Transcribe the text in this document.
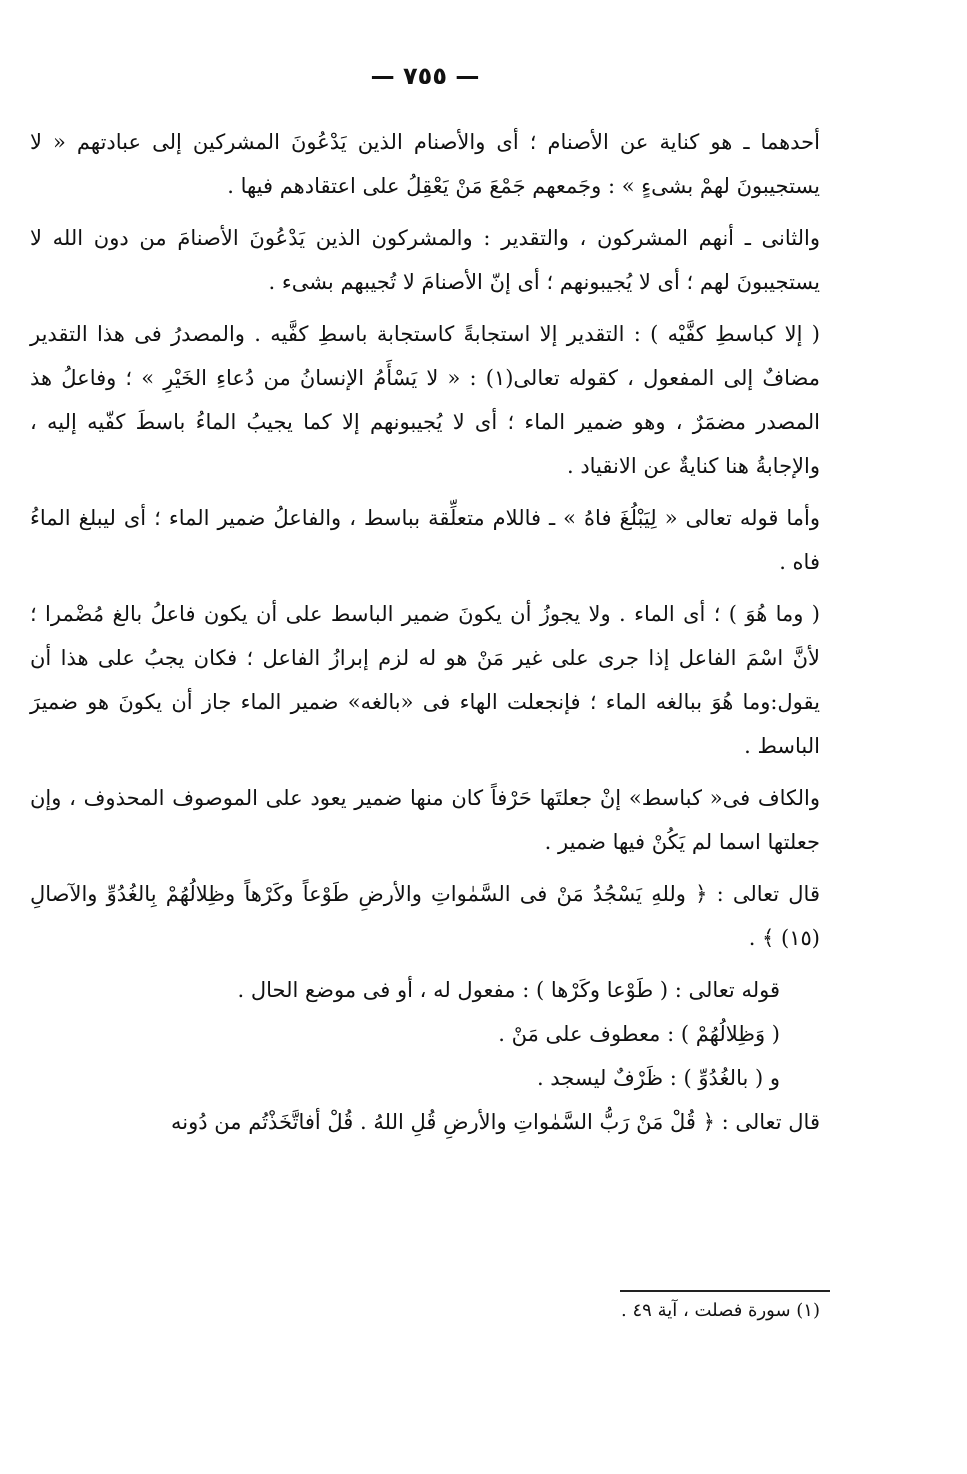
— ٧٥٥ —

أحدهما ـ هو كناية عن الأصنام ؛ أى والأصنام الذين يَدْعُونَ المشركين إلى عبادتهم « لا يستجيبونَ لهمْ بشىءٍ » : وجَمعهم جَمْعَ مَنْ يَعْقِلُ على اعتقادهم فيها .

والثانى ـ أنهم المشركون ، والتقدير : والمشركون الذين يَدْعُونَ الأصنامَ من دون الله لا يستجيبونَ لهم ؛ أى لا يُجيبونهم ؛ أى إنّ الأصنامَ لا تُجيبهم بشىء .

( إلا كباسطِ كفَّيْه ) : التقدير إلا استجابةً كاستجابة باسطِ كفَّيه . والمصدرُ فى هذا التقدير مضافٌ إلى المفعول ، كقوله تعالى(١) : « لا يَسْأَمُ الإنسانُ من دُعاءِ الخَيْرِ » ؛ وفاعلُ هذ المصدر مضمَرٌ ، وهو ضمير الماء ؛ أى لا يُجيبونهم إلا كما يجيبُ الماءُ باسطَ كفّيه إليه ، والإجابةُ هنا كنايةٌ عن الانقياد .

وأما قوله تعالى « لِيَبْلُغَ فاهُ » ـ فاللام متعلِّقة بباسط ، والفاعلُ ضمير الماء ؛ أى ليبلغ الماءُ فاه .

( وما هُوَ ) ؛ أى الماء . ولا يجوزُ أن يكونَ ضمير الباسط على أن يكون فاعلُ بالغ مُضْمرا ؛ لأنَّ اسْمَ الفاعل إذا جرى على غير مَنْ هو له لزم إبرازُ الفاعل ؛ فكان يجبُ على هذا أن يقول:وما هُوَ ببالغه الماء ؛ فإنجعلت الهاء فى «بالغه» ضمير الماء جاز أن يكونَ هو ضميرَ الباسط .

والكاف فى« كباسط» إنْ جعلتَها حَرْفاً كان منها ضمير يعود على الموصوف المحذوف ، وإن جعلتها اسما لم يَكُنْ فيها ضمير .

قال تعالى : ﴿ وللهِ يَسْجُدُ مَنْ فى السَّمٰواتِ والأرضِ طَوْعاً وكَرْهاً وظِلالُهُمْ بِالغُدُوِّ والآصالِ (١٥) ﴾ .

قوله تعالى : ( طَوْعا وكَرْها ) : مفعول له ، أو فى موضع الحال .

( وَظِلالُهُمْ ) : معطوف على مَنْ .

و ( بالغُدُوِّ ) : ظَرْفٌ ليسجد .

قال تعالى : ﴿ قُلْ مَنْ رَبُّ السَّمٰواتِ والأرضِ قُلِ اللهُ . قُلْ أفاتَّخَذْتُم من دُونه

(١) سورة فصلت ، آية ٤٩ .
